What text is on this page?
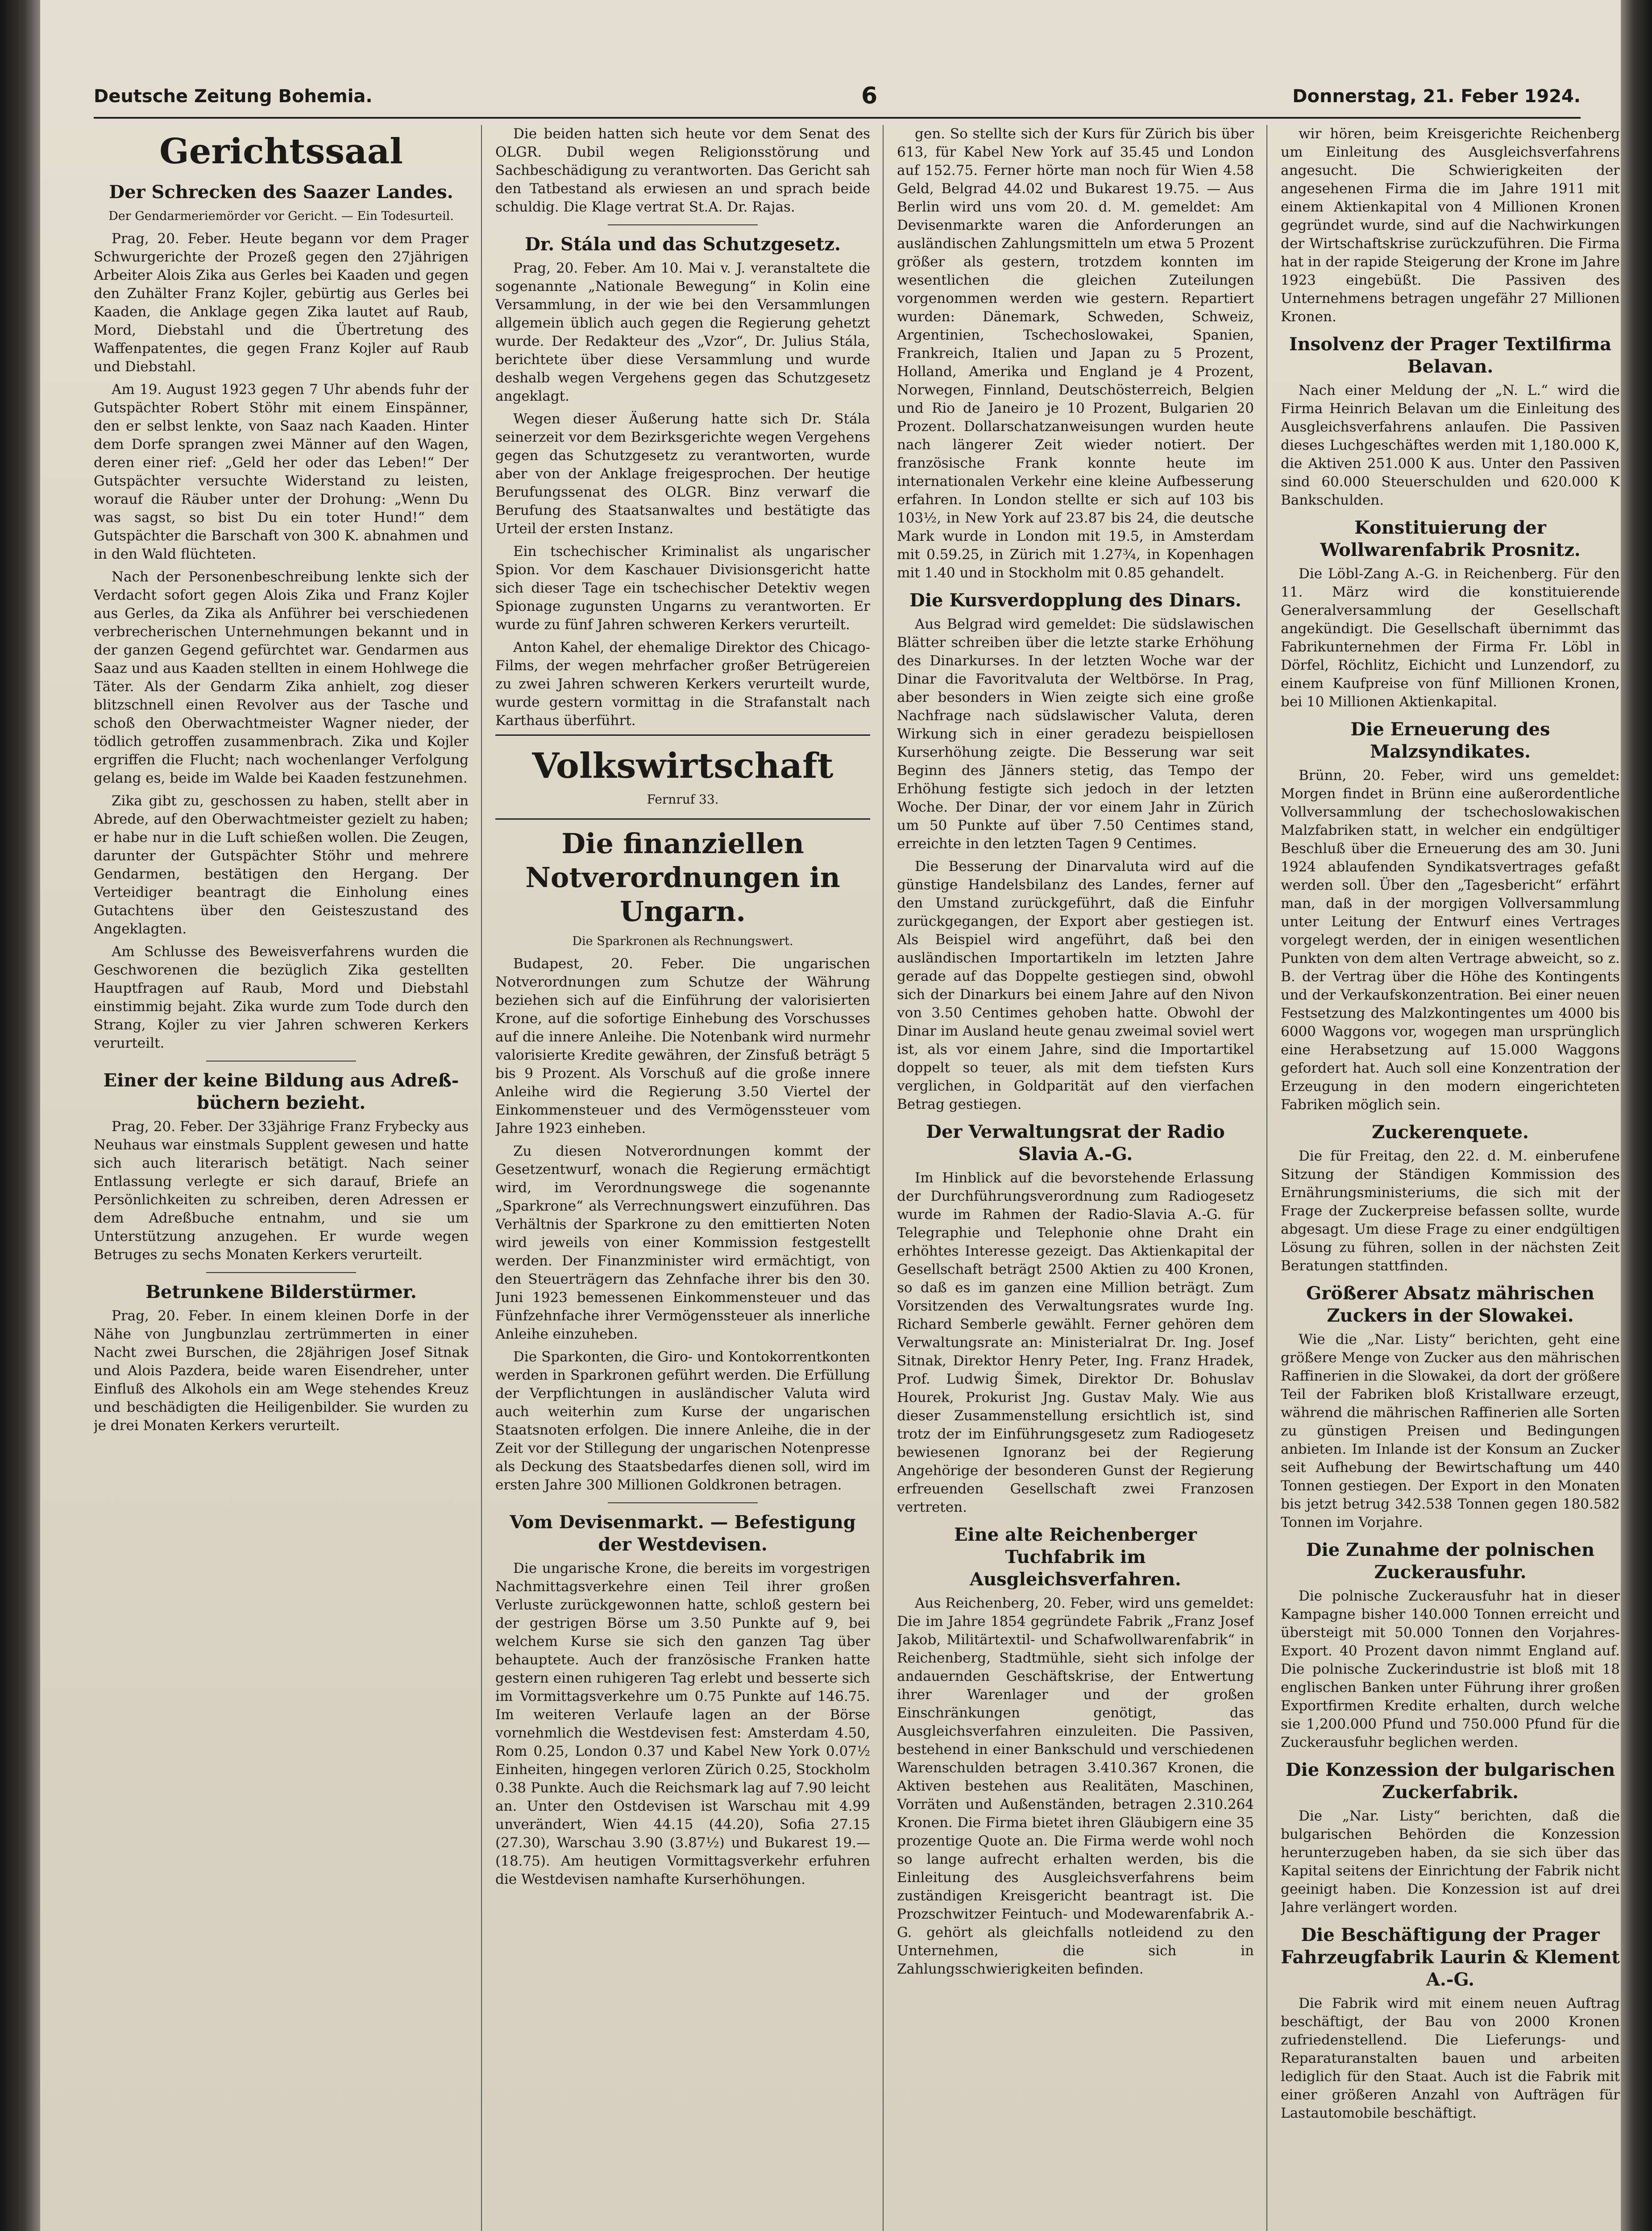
Deutsche Zeitung Bohemia.	6	Donnerstag, 21. Feber 1924.
Gerichtssaal
Der Schrecken des Saazer Landes.
Der Gendarmeriemörder vor Gericht. — Ein Todesurteil.

Prag, 20. Feber. Heute begann vor dem Prager Schwurgerichte der Prozeß gegen den 27jährigen Arbeiter Alois Zika aus Gerles bei Kaaden und gegen den Zuhälter Franz Kojler, gebürtig aus Gerles bei Kaaden, die Anklage gegen Zika lautet auf Raub, Mord, Diebstahl und die Übertretung des Waffenpatentes, die gegen Franz Kojler auf Raub und Diebstahl.

Am 19. August 1923 gegen 7 Uhr abends fuhr der Gutspächter Robert Stöhr mit einem Einspänner, den er selbst lenkte, von Saaz nach Kaaden. Hinter dem Dorfe sprangen zwei Männer auf den Wagen, deren einer rief: „Geld her oder das Leben!“ Der Gutspächter versuchte Widerstand zu leisten, worauf die Räuber unter der Drohung: „Wenn Du was sagst, so bist Du ein toter Hund!“ dem Gutspächter die Barschaft von 300 K. abnahmen und in den Wald flüchteten.

Nach der Personenbeschreibung lenkte sich der Verdacht sofort gegen Alois Zika und Franz Kojler aus Gerles, da Zika als Anführer bei verschiedenen verbrecherischen Unternehmungen bekannt und in der ganzen Gegend gefürchtet war. Gendarmen aus Saaz und aus Kaaden stellten in einem Hohlwege die Täter. Als der Gendarm Zika anhielt, zog dieser blitzschnell einen Revolver aus der Tasche und schoß den Oberwachtmeister Wagner nieder, der tödlich getroffen zusammenbrach. Zika und Kojler ergriffen die Flucht; nach wochenlanger Verfolgung gelang es, beide im Walde bei Kaaden festzunehmen.

Zika gibt zu, geschossen zu haben, stellt aber in Abrede, auf den Oberwachtmeister gezielt zu haben; er habe nur in die Luft schießen wollen. Die Zeugen, darunter der Gutspächter Stöhr und mehrere Gendarmen, bestätigen den Hergang. Der Verteidiger beantragt die Einholung eines Gutachtens über den Geisteszustand des Angeklagten.

Am Schlusse des Beweisverfahrens wurden die Geschworenen die bezüglich Zika gestellten Hauptfragen auf Raub, Mord und Diebstahl einstimmig bejaht. Zika wurde zum Tode durch den Strang, Kojler zu vier Jahren schweren Kerkers verurteilt.

Einer der keine Bildung aus Adreßbüchern bezieht.

Prag, 20. Feber. Der 33jährige Franz Frybecky aus Neuhaus war einstmals Supplent gewesen und hatte sich auch literarisch betätigt. Nach seiner Entlassung verlegte er sich darauf, Briefe an Persönlichkeiten zu schreiben, deren Adressen er dem Adreßbuche entnahm, und sie um Unterstützung anzugehen. Er wurde wegen Betruges zu sechs Monaten Kerkers verurteilt.

Betrunkene Bilderstürmer.

Prag, 20. Feber. In einem kleinen Dorfe in der Nähe von Jungbunzlau zertrümmerten in einer Nacht zwei Burschen, die 28jährigen Josef Sitnak und Alois Pazdera, beide waren Eisendreher, unter Einfluß des Alkohols ein am Wege stehendes Kreuz und beschädigten die Heiligenbilder. Sie wurden zu je drei Monaten Kerkers verurteilt.

Die beiden hatten sich heute vor dem Senat des OLGR. Dubil wegen Religionsstörung und Sachbeschädigung zu verantworten. Das Gericht sah den Tatbestand als erwiesen an und sprach beide schuldig. Die Klage vertrat St.A. Dr. Rajas.

Dr. Stála und das Schutzgesetz.

Prag, 20. Feber. Am 10. Mai v. J. veranstaltete die sogenannte „Nationale Bewegung“ in Kolin eine Versammlung, in der wie bei den Versammlungen allgemein üblich auch gegen die Regierung gehetzt wurde. Der Redakteur des „Vzor“, Dr. Julius Stála, berichtete über diese Versammlung und wurde deshalb wegen Vergehens gegen das Schutzgesetz angeklagt.

Wegen dieser Äußerung hatte sich Dr. Stála seinerzeit vor dem Bezirksgerichte wegen Vergehens gegen das Schutzgesetz zu verantworten, wurde aber von der Anklage freigesprochen. Der heutige Berufungssenat des OLGR. Binz verwarf die Berufung des Staatsanwaltes und bestätigte das Urteil der ersten Instanz.

Ein tschechischer Kriminalist als ungarischer Spion. Vor dem Kaschauer Divisionsgericht hatte sich dieser Tage ein tschechischer Detektiv wegen Spionage zugunsten Ungarns zu verantworten. Er wurde zu fünf Jahren schweren Kerkers verurteilt.

Anton Kahel, der ehemalige Direktor des Chicago-Films, der wegen mehrfacher großer Betrügereien zu zwei Jahren schweren Kerkers verurteilt wurde, wurde gestern vormittag in die Strafanstalt nach Karthaus überführt.

Volkswirtschaft
Fernruf 33.
Die finanziellen Notverordnungen in Ungarn.
Die Sparkronen als Rechnungswert.

Budapest, 20. Feber. Die ungarischen Notverordnungen zum Schutze der Währung beziehen sich auf die Einführung der valorisierten Krone, auf die sofortige Einhebung des Vorschusses auf die innere Anleihe. Die Notenbank wird nurmehr valorisierte Kredite gewähren, der Zinsfuß beträgt 5 bis 9 Prozent. Als Vorschuß auf die große innere Anleihe wird die Regierung 3.50 Viertel der Einkommensteuer und des Vermögenssteuer vom Jahre 1923 einheben.

Zu diesen Notverordnungen kommt der Gesetzentwurf, wonach die Regierung ermächtigt wird, im Verordnungswege die sogenannte „Sparkrone“ als Verrechnungswert einzuführen. Das Verhältnis der Sparkrone zu den emittierten Noten wird jeweils von einer Kommission festgestellt werden. Der Finanzminister wird ermächtigt, von den Steuerträgern das Zehnfache ihrer bis den 30. Juni 1923 bemessenen Einkommensteuer und das Fünfzehnfache ihrer Vermögenssteuer als innerliche Anleihe einzuheben.

Die Sparkonten, die Giro- und Kontokorrentkonten werden in Sparkronen geführt werden. Die Erfüllung der Verpflichtungen in ausländischer Valuta wird auch weiterhin zum Kurse der ungarischen Staatsnoten erfolgen. Die innere Anleihe, die in der Zeit vor der Stillegung der ungarischen Notenpresse als Deckung des Staatsbedarfes dienen soll, wird im ersten Jahre 300 Millionen Goldkronen betragen.

Vom Devisenmarkt. — Befestigung der Westdevisen.

Die ungarische Krone, die bereits im vorgestrigen Nachmittagsverkehre einen Teil ihrer großen Verluste zurückgewonnen hatte, schloß gestern bei der gestrigen Börse um 3.50 Punkte auf 9, bei welchem Kurse sie sich den ganzen Tag über behauptete. Auch der französische Franken hatte gestern einen ruhigeren Tag erlebt und besserte sich im Vormittagsverkehre um 0.75 Punkte auf 146.75. Im weiteren Verlaufe lagen an der Börse vornehmlich die Westdevisen fest: Amsterdam 4.50, Rom 0.25, London 0.37 und Kabel New York 0.07½ Einheiten, hingegen verloren Zürich 0.25, Stockholm 0.38 Punkte. Auch die Reichsmark lag auf 7.90 leicht an. Unter den Ostdevisen ist Warschau mit 4.99 unverändert, Wien 44.15 (44.20), Sofia 27.15 (27.30), Warschau 3.90 (3.87½) und Bukarest 19.— (18.75). Am heutigen Vormittagsverkehr erfuhren die Westdevisen namhafte Kurserhöhungen.

gen. So stellte sich der Kurs für Zürich bis über 613, für Kabel New York auf 35.45 und London auf 152.75. Ferner hörte man noch für Wien 4.58 Geld, Belgrad 44.02 und Bukarest 19.75. — Aus Berlin wird uns vom 20. d. M. gemeldet: Am Devisenmarkte waren die Anforderungen an ausländischen Zahlungsmitteln um etwa 5 Prozent größer als gestern, trotzdem konnten im wesentlichen die gleichen Zuteilungen vorgenommen werden wie gestern. Repartiert wurden: Dänemark, Schweden, Schweiz, Argentinien, Tschechoslowakei, Spanien, Frankreich, Italien und Japan zu 5 Prozent, Holland, Amerika und England je 4 Prozent, Norwegen, Finnland, Deutschösterreich, Belgien und Rio de Janeiro je 10 Prozent, Bulgarien 20 Prozent. Dollarschatzanweisungen wurden heute nach längerer Zeit wieder notiert. Der französische Frank konnte heute im internationalen Verkehr eine kleine Aufbesserung erfahren. In London stellte er sich auf 103 bis 103½, in New York auf 23.87 bis 24, die deutsche Mark wurde in London mit 19.5, in Amsterdam mit 0.59.25, in Zürich mit 1.27¾, in Kopenhagen mit 1.40 und in Stockholm mit 0.85 gehandelt.

Die Kursverdopplung des Dinars.

Aus Belgrad wird gemeldet: Die südslawischen Blätter schreiben über die letzte starke Erhöhung des Dinarkurses. In der letzten Woche war der Dinar die Favoritvaluta der Weltbörse. In Prag, aber besonders in Wien zeigte sich eine große Nachfrage nach südslawischer Valuta, deren Wirkung sich in einer geradezu beispiellosen Kurserhöhung zeigte. Die Besserung war seit Beginn des Jänners stetig, das Tempo der Erhöhung festigte sich jedoch in der letzten Woche. Der Dinar, der vor einem Jahr in Zürich um 50 Punkte auf über 7.50 Centimes stand, erreichte in den letzten Tagen 9 Centimes.

Die Besserung der Dinarvaluta wird auf die günstige Handelsbilanz des Landes, ferner auf den Umstand zurückgeführt, daß die Einfuhr zurückgegangen, der Export aber gestiegen ist. Als Beispiel wird angeführt, daß bei den ausländischen Importartikeln im letzten Jahre gerade auf das Doppelte gestiegen sind, obwohl sich der Dinarkurs bei einem Jahre auf den Nivon von 3.50 Centimes gehoben hatte. Obwohl der Dinar im Ausland heute genau zweimal soviel wert ist, als vor einem Jahre, sind die Importartikel doppelt so teuer, als mit dem tiefsten Kurs verglichen, in Goldparität auf den vierfachen Betrag gestiegen.

Der Verwaltungsrat der Radio Slavia A.-G.

Im Hinblick auf die bevorstehende Erlassung der Durchführungsverordnung zum Radiogesetz wurde im Rahmen der Radio-Slavia A.-G. für Telegraphie und Telephonie ohne Draht ein erhöhtes Interesse gezeigt. Das Aktienkapital der Gesellschaft beträgt 2500 Aktien zu 400 Kronen, so daß es im ganzen eine Million beträgt. Zum Vorsitzenden des Verwaltungsrates wurde Ing. Richard Semberle gewählt. Ferner gehören dem Verwaltungsrate an: Ministerialrat Dr. Ing. Josef Sitnak, Direktor Henry Peter, Ing. Franz Hradek, Prof. Ludwig Šimek, Direktor Dr. Bohuslav Hourek, Prokurist Jng. Gustav Maly. Wie aus dieser Zusammenstellung ersichtlich ist, sind trotz der im Einführungsgesetz zum Radiogesetz bewiesenen Ignoranz bei der Regierung Angehörige der besonderen Gunst der Regierung erfreuenden Gesellschaft zwei Franzosen vertreten.

Eine alte Reichenberger Tuchfabrik im Ausgleichsverfahren.

Aus Reichenberg, 20. Feber, wird uns gemeldet: Die im Jahre 1854 gegründete Fabrik „Franz Josef Jakob, Militärtextil- und Schafwollwarenfabrik“ in Reichenberg, Stadtmühle, sieht sich infolge der andauernden Geschäftskrise, der Entwertung ihrer Warenlager und der großen Einschränkungen genötigt, das Ausgleichsverfahren einzuleiten. Die Passiven, bestehend in einer Bankschuld und verschiedenen Warenschulden betragen 3.410.367 Kronen, die Aktiven bestehen aus Realitäten, Maschinen, Vorräten und Außenständen, betragen 2.310.264 Kronen. Die Firma bietet ihren Gläubigern eine 35 prozentige Quote an. Die Firma werde wohl noch so lange aufrecht erhalten werden, bis die Einleitung des Ausgleichsverfahrens beim zuständigen Kreisgericht beantragt ist. Die Prozschwitzer Feintuch- und Modewarenfabrik A.-G. gehört als gleichfalls notleidend zu den Unternehmen, die sich in Zahlungsschwierigkeiten befinden.

wir hören, beim Kreisgerichte Reichenberg um Einleitung des Ausgleichsverfahrens angesucht. Die Schwierigkeiten der angesehenen Firma die im Jahre 1911 mit einem Aktienkapital von 4 Millionen Kronen gegründet wurde, sind auf die Nachwirkungen der Wirtschaftskrise zurückzuführen. Die Firma hat in der rapide Steigerung der Krone im Jahre 1923 eingebüßt. Die Passiven des Unternehmens betragen ungefähr 27 Millionen Kronen.

Insolvenz der Prager Textilfirma Belavan.

Nach einer Meldung der „N. L.“ wird die Firma Heinrich Belavan um die Einleitung des Ausgleichsverfahrens anlaufen. Die Passiven dieses Luchgeschäftes werden mit 1,180.000 K, die Aktiven 251.000 K aus. Unter den Passiven sind 60.000 Steuerschulden und 620.000 K Bankschulden.

Konstituierung der Wollwarenfabrik Prosnitz.

Die Löbl-Zang A.-G. in Reichenberg. Für den 11. März wird die konstituierende Generalversammlung der Gesellschaft angekündigt. Die Gesellschaft übernimmt das Fabrikunternehmen der Firma Fr. Löbl in Dörfel, Röchlitz, Eichicht und Lunzendorf, zu einem Kaufpreise von fünf Millionen Kronen, bei 10 Millionen Aktienkapital.

Die Erneuerung des Malzsyndikates.

Brünn, 20. Feber, wird uns gemeldet: Morgen findet in Brünn eine außerordentliche Vollversammlung der tschechoslowakischen Malzfabriken statt, in welcher ein endgültiger Beschluß über die Erneuerung des am 30. Juni 1924 ablaufenden Syndikatsvertrages gefaßt werden soll. Über den „Tagesbericht“ erfährt man, daß in der morgigen Vollversammlung unter Leitung der Entwurf eines Vertrages vorgelegt werden, der in einigen wesentlichen Punkten von dem alten Vertrage abweicht, so z. B. der Vertrag über die Höhe des Kontingents und der Verkaufskonzentration. Bei einer neuen Festsetzung des Malzkontingentes um 4000 bis 6000 Waggons vor, wogegen man ursprünglich eine Herabsetzung auf 15.000 Waggons gefordert hat. Auch soll eine Konzentration der Erzeugung in den modern eingerichteten Fabriken möglich sein.

Zuckerenquete.

Die für Freitag, den 22. d. M. einberufene Sitzung der Ständigen Kommission des Ernährungsministeriums, die sich mit der Frage der Zuckerpreise befassen sollte, wurde abgesagt. Um diese Frage zu einer endgültigen Lösung zu führen, sollen in der nächsten Zeit Beratungen stattfinden.

Größerer Absatz mährischen Zuckers in der Slowakei.

Wie die „Nar. Listy“ berichten, geht eine größere Menge von Zucker aus den mährischen Raffinerien in die Slowakei, da dort der größere Teil der Fabriken bloß Kristallware erzeugt, während die mährischen Raffinerien alle Sorten zu günstigen Preisen und Bedingungen anbieten. Im Inlande ist der Konsum an Zucker seit Aufhebung der Bewirtschaftung um 440 Tonnen gestiegen. Der Export in den Monaten bis jetzt betrug 342.538 Tonnen gegen 180.582 Tonnen im Vorjahre.

Die Zunahme der polnischen Zuckerausfuhr.

Die polnische Zuckerausfuhr hat in dieser Kampagne bisher 140.000 Tonnen erreicht und übersteigt mit 50.000 Tonnen den Vorjahres-Export. 40 Prozent davon nimmt England auf. Die polnische Zuckerindustrie ist bloß mit 18 englischen Banken unter Führung ihrer großen Exportfirmen Kredite erhalten, durch welche sie 1,200.000 Pfund und 750.000 Pfund für die Zuckerausfuhr beglichen werden.

Die Konzession der bulgarischen Zuckerfabrik.

Die „Nar. Listy“ berichten, daß die bulgarischen Behörden die Konzession herunterzugeben haben, da sie sich über das Kapital seitens der Einrichtung der Fabrik nicht geeinigt haben. Die Konzession ist auf drei Jahre verlängert worden.

Die Beschäftigung der Prager Fahrzeugfabrik Laurin & Klement A.-G.

Die Fabrik wird mit einem neuen Auftrag beschäftigt, der Bau von 2000 Kronen zufriedenstellend. Die Lieferungs- und Reparaturanstalten bauen und arbeiten lediglich für den Staat. Auch ist die Fabrik mit einer größeren Anzahl von Aufträgen für Lastautomobile beschäftigt.
